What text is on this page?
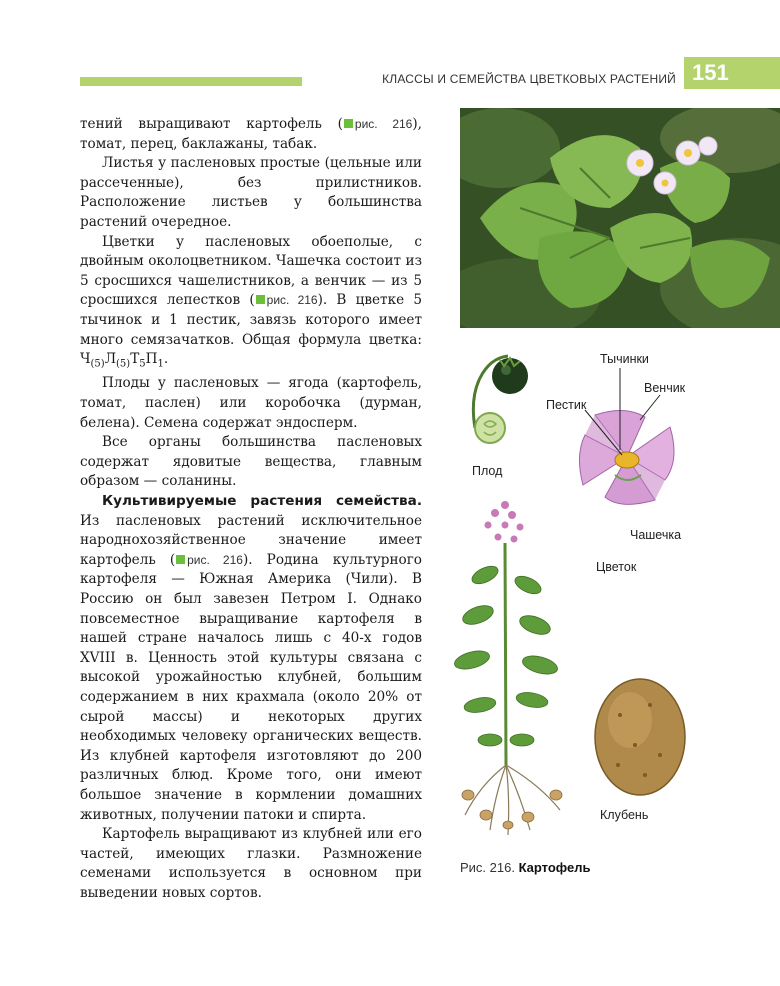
КЛАССЫ И СЕМЕЙСТВА ЦВЕТКОВЫХ РАСТЕНИЙ 151

тений выращивают картофель ( рис. 216), томат, перец, баклажаны, табак.

Листья у пасленовых простые (цельные или рассеченные), без прилистников. Расположение листьев у большинства растений очередное.

Цветки у пасленовых обоеполые, с двойным околоцветником. Чашечка состоит из 5 сросшихся чашелистников, а венчик — из 5 сросшихся лепестков ( рис. 216). В цветке 5 тычинок и 1 пестик, завязь которого имеет много семязачатков. Общая формула цветка: $Ч_{(5)}Л_{(5)}Т_5П_1$.

Плоды у пасленовых — ягода (картофель, томат, паслен) или коробочка (дурман, белена). Семена содержат эндосперм.

Все органы большинства пасленовых содержат ядовитые вещества, главным образом — соланины.

Культивируемые растения семейства. Из пасленовых растений исключительное народнохозяйственное значение имеет картофель ( рис. 216). Родина культурного картофеля — Южная Америка (Чили). В Россию он был завезен Петром I. Однако повсеместное выращивание картофеля в нашей стране началось лишь с 40-х годов XVIII в. Ценность этой культуры связана с высокой урожайностью клубней, большим содержанием в них крахмала (около 20% от сырой массы) и некоторых других необходимых человеку органических веществ. Из клубней картофеля изготовляют до 200 различных блюд. Кроме того, они имеют большое значение в кормлении домашних животных, получении патоки и спирта.

Картофель выращивают из клубней или его частей, имеющих глазки. Размножение семенами используется в основном при выведении новых сортов.

Тычинки
Венчик
Пестик
Плод
Чашечка
Цветок
Клубень
Рис. 216. Картофель
